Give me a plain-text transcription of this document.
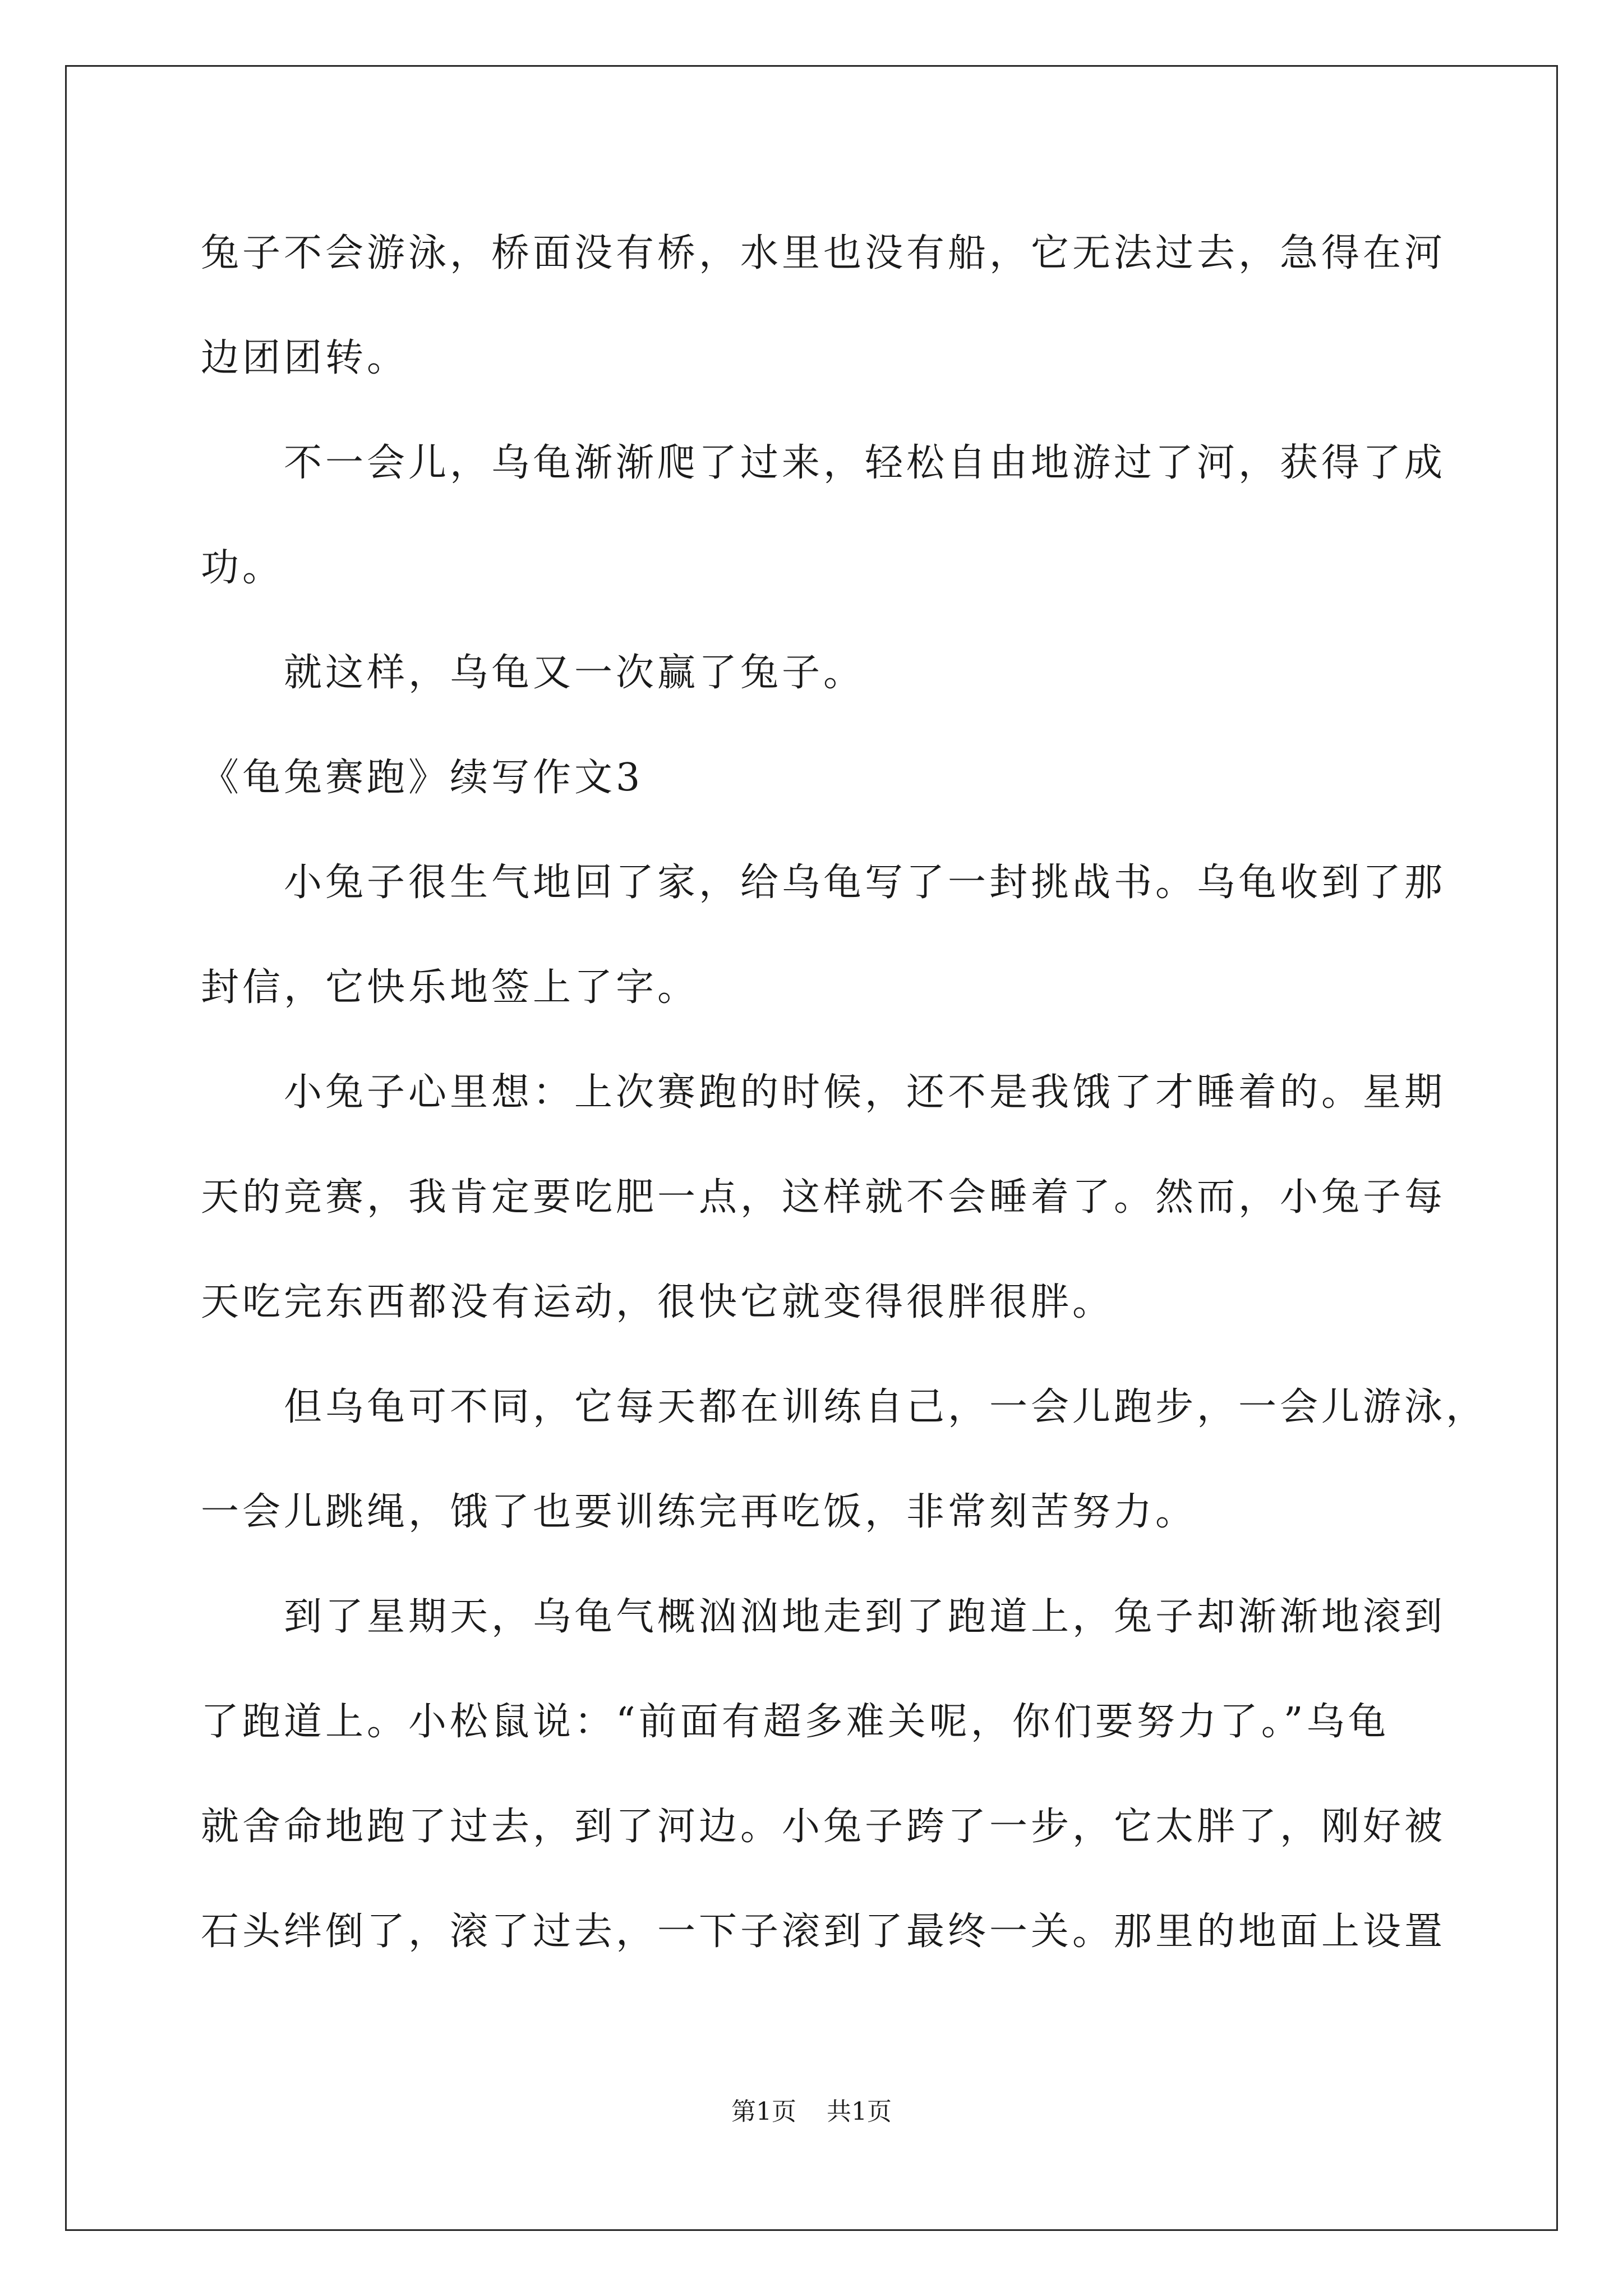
兔子不会游泳，桥面没有桥，水里也没有船，它无法过去，急得在河
边团团转。
不一会儿，乌龟渐渐爬了过来，轻松自由地游过了河，获得了成
功。
就这样，乌龟又一次赢了兔子。
《龟兔赛跑》续写作文3
小兔子很生气地回了家，给乌龟写了一封挑战书。乌龟收到了那
封信，它快乐地签上了字。
小兔子心里想：上次赛跑的时候，还不是我饿了才睡着的。星期
天的竞赛，我肯定要吃肥一点，这样就不会睡着了。然而，小兔子每
天吃完东西都没有运动，很快它就变得很胖很胖。
但乌龟可不同，它每天都在训练自己，一会儿跑步，一会儿游泳，
一会儿跳绳，饿了也要训练完再吃饭，非常刻苦努力。
到了星期天，乌龟气概汹汹地走到了跑道上，兔子却渐渐地滚到
了跑道上。小松鼠说：“前面有超多难关呢，你们要努力了。”乌龟
就舍命地跑了过去，到了河边。小兔子跨了一步，它太胖了，刚好被
石头绊倒了，滚了过去，一下子滚到了最终一关。那里的地面上设置
第1页 共1页
